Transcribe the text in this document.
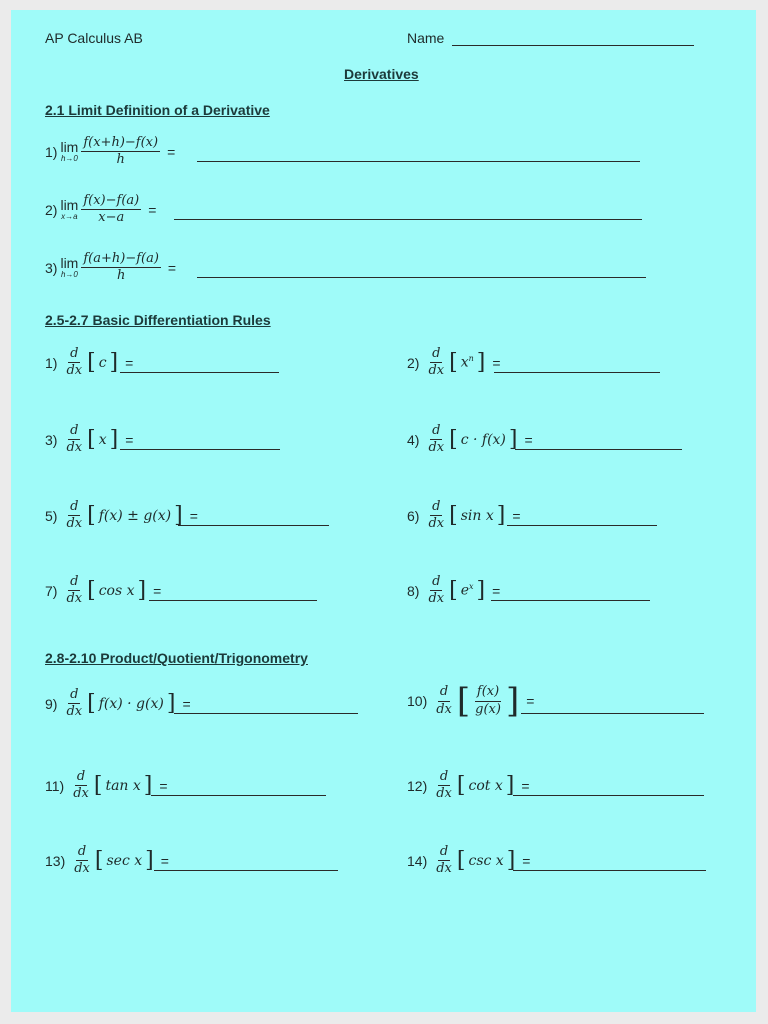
AP Calculus AB	Name
Derivatives
2.1 Limit Definition of a Derivative
1) lim
$h\to 0 \frac{f(x+h)-f(x)}{h}$ =
2) lim
$x\to a \frac{f(x)-f(a)}{x-a}$ =
3) lim
$h\to 0 \frac{f(a+h)-f(a)}{h}$ =
2.5-2.7 Basic Differentiation Rules
$1) \frac{d}{dx}$ [ c ] =	$2) \frac{d}{dx}$ [ $x^n$ ] =
$3) \frac{d}{dx}$ [ x ] =	$4) \frac{d}{dx}$ [ c · f(x) ] =
$5) \frac{d}{dx}$ [ f(x) ± g(x) ] =	$6) \frac{d}{dx}$ [ sin x ] =
$7) \frac{d}{dx}$ [ cos x ] =	$8) \frac{d}{dx}$ [ $e^x$ ] =
2.8-2.10 Product/Quotient/Trigonometry
$9) \frac{d}{dx}$ [ f(x) · g(x) ] =	$10) \frac{d}{dx}$ [ $\frac{f(x)}{g(x)}$ ] =
$11) \frac{d}{dx}$ [ tan x ] =	$12) \frac{d}{dx}$ [ cot x ] =
$13) \frac{d}{dx}$ [ sec x ] =	$14) \frac{d}{dx}$ [ csc x ] =
